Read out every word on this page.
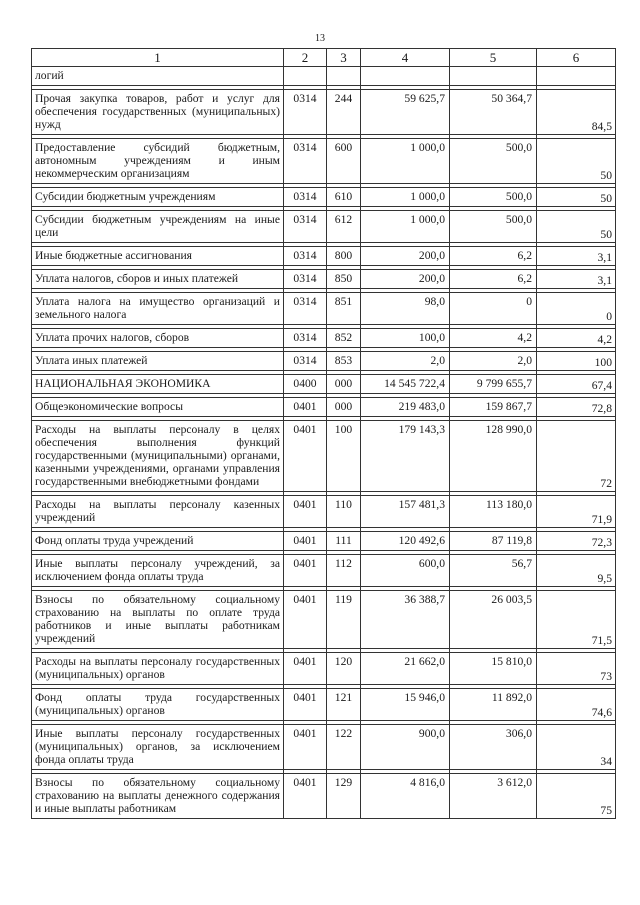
13
1	2	3	4	5	6
логий					

Прочая закупка товаров, работ и услуг для обеспечения государственных (муниципальных) нужд	0314	244	59 625,7	50 364,7	84,5

Предоставление субсидий бюджетным, автономным учреждениям и иным некоммерческим организациям	0314	600	1 000,0	500,0	50

Субсидии бюджетным учреждениям	0314	610	1 000,0	500,0	50

Субсидии бюджетным учреждениям на иные цели	0314	612	1 000,0	500,0	50

Иные бюджетные ассигнования	0314	800	200,0	6,2	3,1

Уплата налогов, сборов и иных платежей	0314	850	200,0	6,2	3,1

Уплата налога на имущество организаций и земельного налога	0314	851	98,0	0	0

Уплата прочих налогов, сборов	0314	852	100,0	4,2	4,2

Уплата иных платежей	0314	853	2,0	2,0	100

НАЦИОНАЛЬНАЯ ЭКОНОМИКА	0400	000	14 545 722,4	9 799 655,7	67,4

Общеэкономические вопросы	0401	000	219 483,0	159 867,7	72,8

Расходы на выплаты персоналу в целях обеспечения выполнения функций государственными (муниципальными) органами, казенными учреждениями, органами управления государственными внебюджетными фондами	0401	100	179 143,3	128 990,0	72

Расходы на выплаты персоналу казенных учреждений	0401	110	157 481,3	113 180,0	71,9

Фонд оплаты труда учреждений	0401	111	120 492,6	87 119,8	72,3

Иные выплаты персоналу учреждений, за исключением фонда оплаты труда	0401	112	600,0	56,7	9,5

Взносы по обязательному социальному страхованию на выплаты по оплате труда работников и иные выплаты работникам учреждений	0401	119	36 388,7	26 003,5	71,5

Расходы на выплаты персоналу государственных (муниципальных) органов	0401	120	21 662,0	15 810,0	73

Фонд оплаты труда государственных (муниципальных) органов	0401	121	15 946,0	11 892,0	74,6

Иные выплаты персоналу государственных (муниципальных) органов, за исключением фонда оплаты труда	0401	122	900,0	306,0	34

Взносы по обязательному социальному страхованию на выплаты денежного содержания и иные выплаты работникам	0401	129	4 816,0	3 612,0	75
